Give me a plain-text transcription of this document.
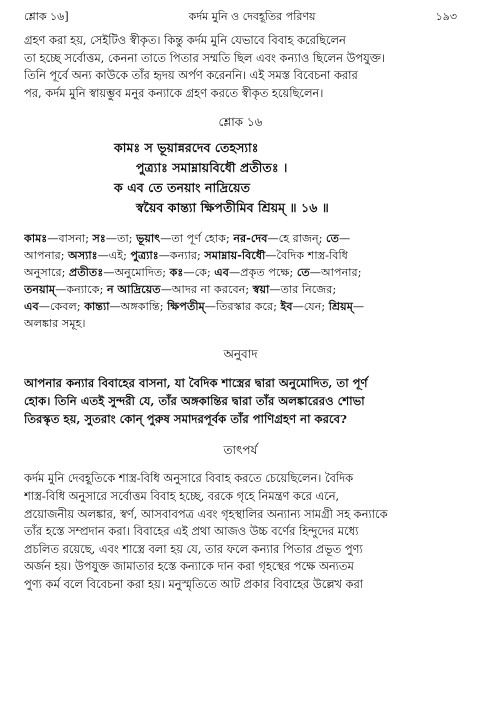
শ্লোক ১৬]	কর্দম মুনি ও দেবহূতির পরিণয়	১৯৩

গ্রহণ করা হয়, সেইটিও স্বীকৃত। কিন্তু কর্দম মুনি যেভাবে বিবাহ করেছিলেন
তা হচ্ছে সর্বোত্তম, কেননা তাতে পিতার সম্মতি ছিল এবং কন্যাও ছিলেন উপযুক্ত।
তিনি পূর্বে অন্য কাউকে তাঁর হৃদয় অর্পণ করেননি। এই সমস্ত বিবেচনা করার
পর, কর্দম মুনি স্বায়ম্ভুব মনুর কন্যাকে গ্রহণ করতে স্বীকৃত হয়েছিলেন।

শ্লোক ১৬
কামঃ স ভূয়ান্নরদেব তেহস্যাঃ
পুত্র্যাঃ সমাম্নায়বিধৌ প্রতীতঃ ।
ক এব তে তনয়াং নাদ্রিয়েত
স্বয়ৈব কান্ত্যা ক্ষিপতীমিব শ্রিয়ম্ ॥ ১৬ ॥
কামঃ—বাসনা; সঃ—তা; ভূয়াৎ—তা পূর্ণ হোক; নর-দেব—হে রাজন্; তে—
আপনার; অস্যাঃ—এই; পুত্র্যাঃ—কন্যার; সমাম্নায়-বিধৌ—বৈদিক শাস্ত্র-বিধি
অনুসারে; প্রতীতঃ—অনুমোদিত; কঃ—কে; এব—প্রকৃত পক্ষে; তে—আপনার;
তনয়াম্—কন্যাকে; ন আদ্রিয়েত—আদর না করবেন; স্বয়া—তার নিজের;
এব—কেবল; কান্ত্যা—অঙ্গকান্তি; ক্ষিপতীম্—তিরস্কার করে; ইব—যেন; শ্রিয়ম্—
অলঙ্কার সমূহ।
অনুবাদ
আপনার কন্যার বিবাহের বাসনা, যা বৈদিক শাস্ত্রের দ্বারা অনুমোদিত, তা পূর্ণ
হোক। তিনি এতই সুন্দরী যে, তাঁর অঙ্গকান্তির দ্বারা তাঁর অলঙ্কারেরও শোভা
তিরস্কৃত হয়, সুতরাং কোন্ পুরুষ সমাদরপূর্বক তাঁর পাণিগ্রহণ না করবে?
তাৎপর্য

কর্দম মুনি দেবহূতিকে শাস্ত্র-বিধি অনুসারে বিবাহ করতে চেয়েছিলেন। বৈদিক
শাস্ত্র-বিধি অনুসারে সর্বোত্তম বিবাহ হচ্ছে, বরকে গৃহে নিমন্ত্রণ করে এনে,
প্রয়োজনীয় অলঙ্কার, স্বর্ণ, আসবাবপত্র এবং গৃহস্থালির অন্যান্য সামগ্রী সহ কন্যাকে
তাঁর হস্তে সম্প্রদান করা। বিবাহের এই প্রথা আজও উচ্চ বর্ণের হিন্দুদের মধ্যে
প্রচলিত রয়েছে, এবং শাস্ত্রে বলা হয় যে, তার ফলে কন্যার পিতার প্রভূত পুণ্য
অর্জন হয়। উপযুক্ত জামাতার হস্তে কন্যাকে দান করা গৃহস্থের পক্ষে অন্যতম
পুণ্য কর্ম বলে বিবেচনা করা হয়। মনুস্মৃতিতে আট প্রকার বিবাহের উল্লেখ করা
